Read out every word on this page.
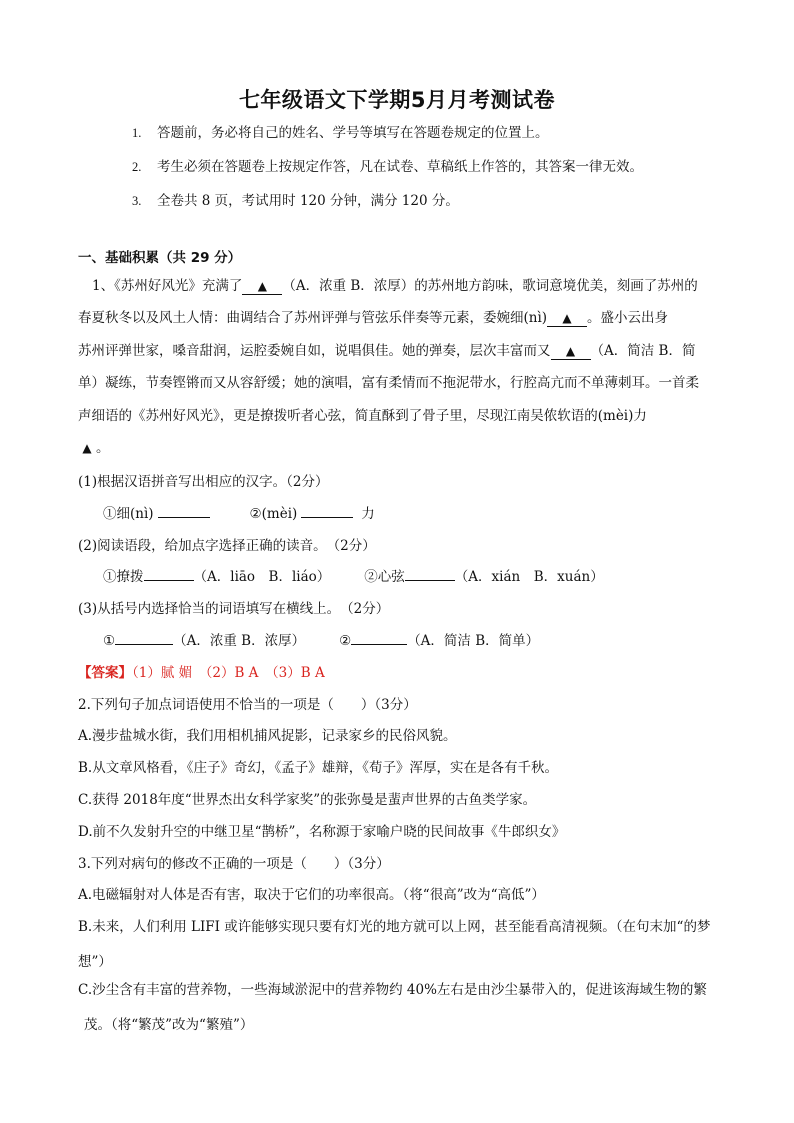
七年级语文下学期5月月考测试卷
1. 答题前，务必将自己的姓名、学号等填写在答题卷规定的位置上。
2. 考生必须在答题卷上按规定作答，凡在试卷、草稿纸上作答的，其答案一律无效。
3. 全卷共 8 页，考试用时 120 分钟，满分 120 分。
一、基础积累（共 29 分）
1、《苏州好风光》充满了 ▲ （A．浓重 B．浓厚）的苏州地方韵味，歌词意境优美，刻画了苏州的
春夏秋冬以及风土人情：曲调结合了苏州评弹与管弦乐伴奏等元素，委婉细(nì) ▲ 。盛小云出身
苏州评弹世家，嗓音甜润，运腔委婉自如，说唱俱佳。她的弹奏，层次丰富而又 ▲ （A．简洁 B．简
单）凝练，节奏铿锵而又从容舒缓；她的演唱，富有柔情而不拖泥带水，行腔高亢而不单薄刺耳。一首柔
声细语的《苏州好风光》，更是撩拨听者心弦，简直酥到了骨子里，尽现江南吴侬软语的(mèi)力
▲ 。
(1)根据汉语拼音写出相应的汉字。（2分）
①细(nì)	②(mèi)	力
(2)阅读语段，给加点字选择正确的读音。　（2分）
①撩拨	（A．liāo　B．liáo）	②心弦	（A．xián　B．xuán）
(3)从括号内选择恰当的词语填写在横线上。　（2分）
①	（A．浓重 B．浓厚）	②	（A．简洁 B．简单）
【答案】（1）腻 媚　（2）B A　（3）B A
2.下列句子加点词语使用不恰当的一项是（　　）（3分）
A.漫步盐城水街，我们用相机捕风捉影，记录家乡的民俗风貌。
B.从文章风格看，《庄子》奇幻，《孟子》雄辩，《荀子》浑厚，实在是各有千秋。
C.获得 2018年度“世界杰出女科学家奖”的张弥曼是蜚声世界的古鱼类学家。
D.前不久发射升空的中继卫星“鹊桥”，名称源于家喻户晓的民间故事《牛郎织女》
3.下列对病句的修改不正确的一项是（　　）（3分）
A.电磁辐射对人体是否有害，取决于它们的功率很高。（将“很高”改为“高低”）
B.未来，人们利用 LIFI 或许能够实现只要有灯光的地方就可以上网，甚至能看高清视频。（在句末加“的梦
想”）
C.沙尘含有丰富的营养物，一些海域淤泥中的营养物约 40%左右是由沙尘暴带入的，促进该海域生物的繁
茂。（将“繁茂”改为“繁殖”）
